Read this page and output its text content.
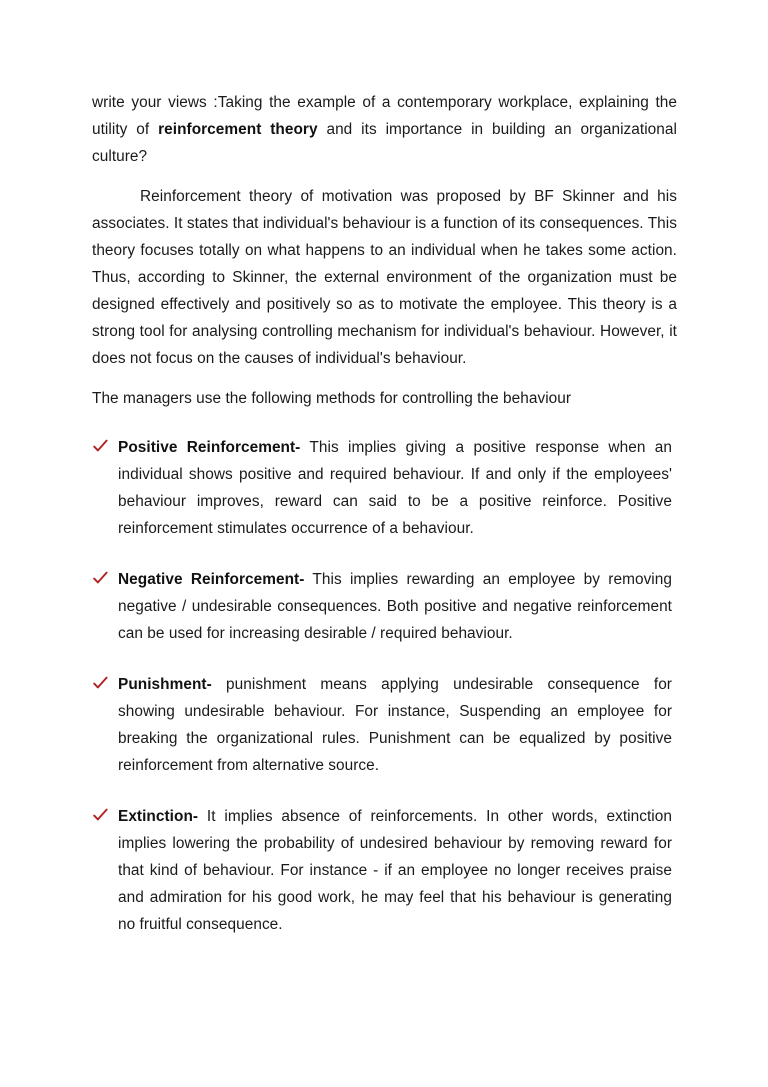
write your views :Taking the example of a contemporary workplace, explaining the utility of reinforcement theory and its importance in building an organizational culture?

Reinforcement theory of motivation was proposed by BF Skinner and his associates. It states that individual's behaviour is a function of its consequences. This theory focuses totally on what happens to an individual when he takes some action. Thus, according to Skinner, the external environment of the organization must be designed effectively and positively so as to motivate the employee. This theory is a strong tool for analysing controlling mechanism for individual's behaviour. However, it does not focus on the causes of individual's behaviour.

The managers use the following methods for controlling the behaviour

Positive Reinforcement- This implies giving a positive response when an individual shows positive and required behaviour. If and only if the employees' behaviour improves, reward can said to be a positive reinforce. Positive reinforcement stimulates occurrence of a behaviour.
Negative Reinforcement- This implies rewarding an employee by removing negative / undesirable consequences. Both positive and negative reinforcement can be used for increasing desirable / required behaviour.
Punishment- punishment means applying undesirable consequence for showing undesirable behaviour. For instance, Suspending an employee for breaking the organizational rules. Punishment can be equalized by positive reinforcement from alternative source.
Extinction- It implies absence of reinforcements. In other words, extinction implies lowering the probability of undesired behaviour by removing reward for that kind of behaviour. For instance - if an employee no longer receives praise and admiration for his good work, he may feel that his behaviour is generating no fruitful consequence.
